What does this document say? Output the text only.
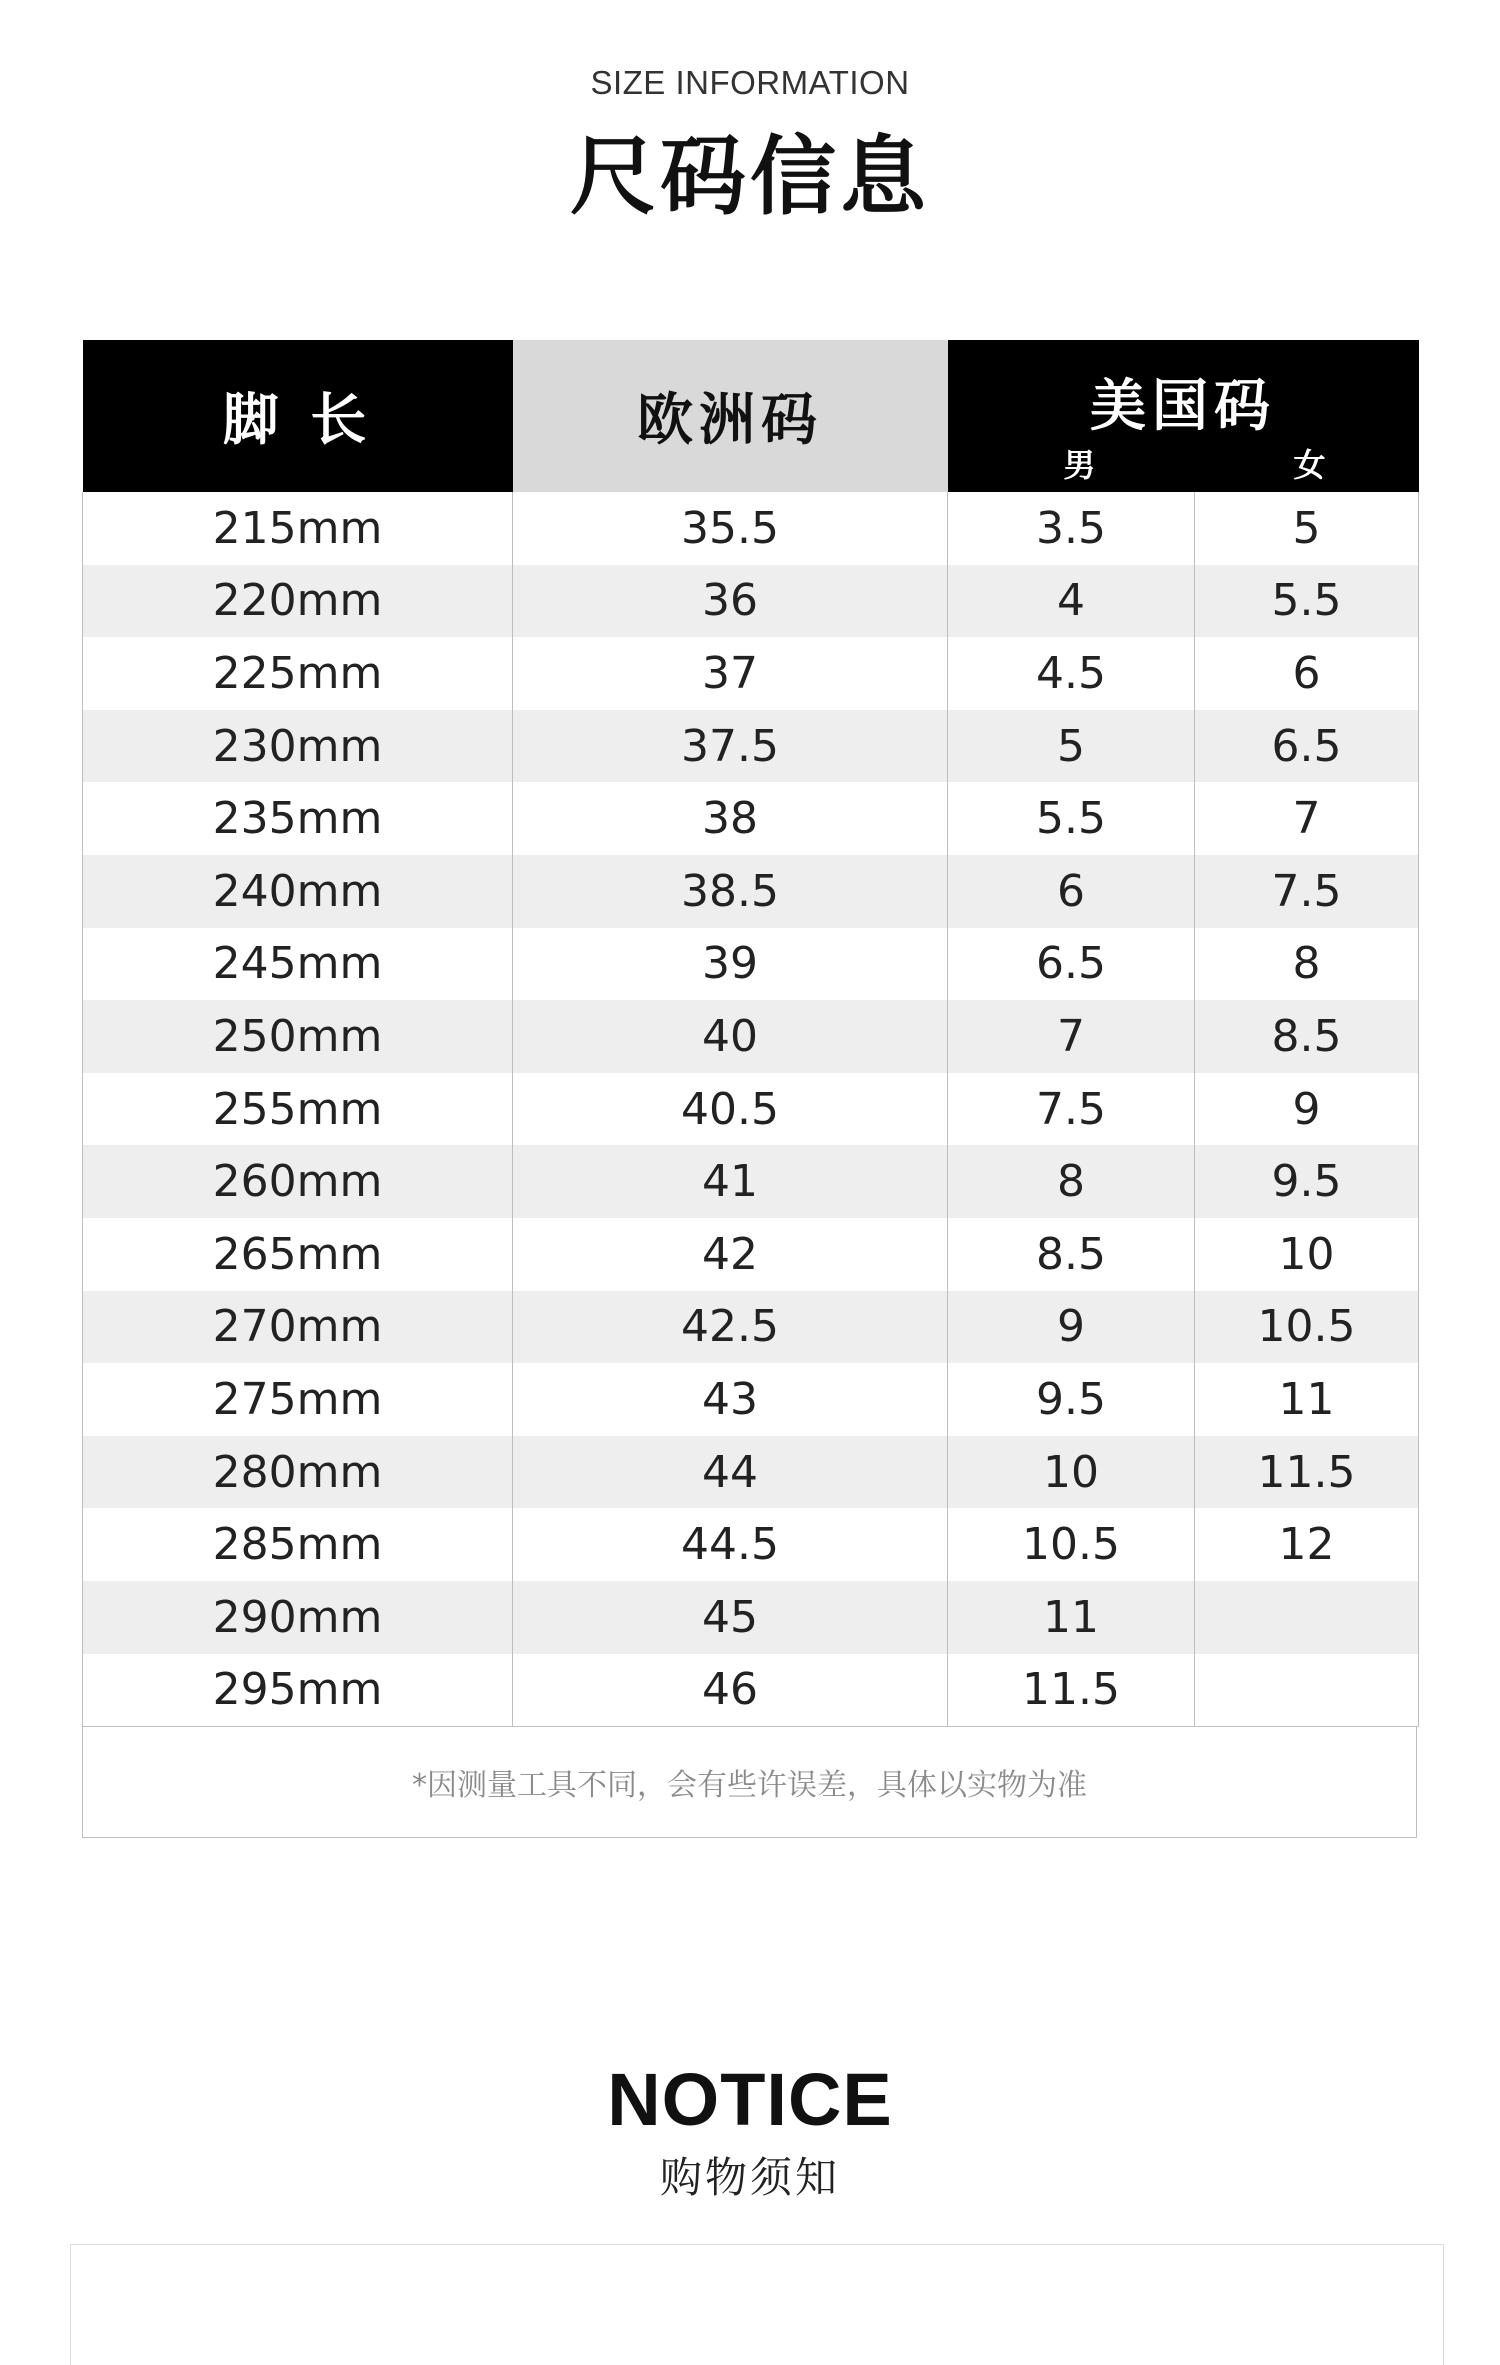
SIZE INFORMATION
尺码信息
脚 长	欧洲码	美国码
男 女	

215mm	35.5	3.5	5
220mm	36	4	5.5
225mm	37	4.5	6
230mm	37.5	5	6.5
235mm	38	5.5	7
240mm	38.5	6	7.5
245mm	39	6.5	8
250mm	40	7	8.5
255mm	40.5	7.5	9
260mm	41	8	9.5
265mm	42	8.5	10
270mm	42.5	9	10.5
275mm	43	9.5	11
280mm	44	10	11.5
285mm	44.5	10.5	12
290mm	45	11	
295mm	46	11.5	
*因测量工具不同，会有些许误差，具体以实物为准
NOTICE
购物须知
